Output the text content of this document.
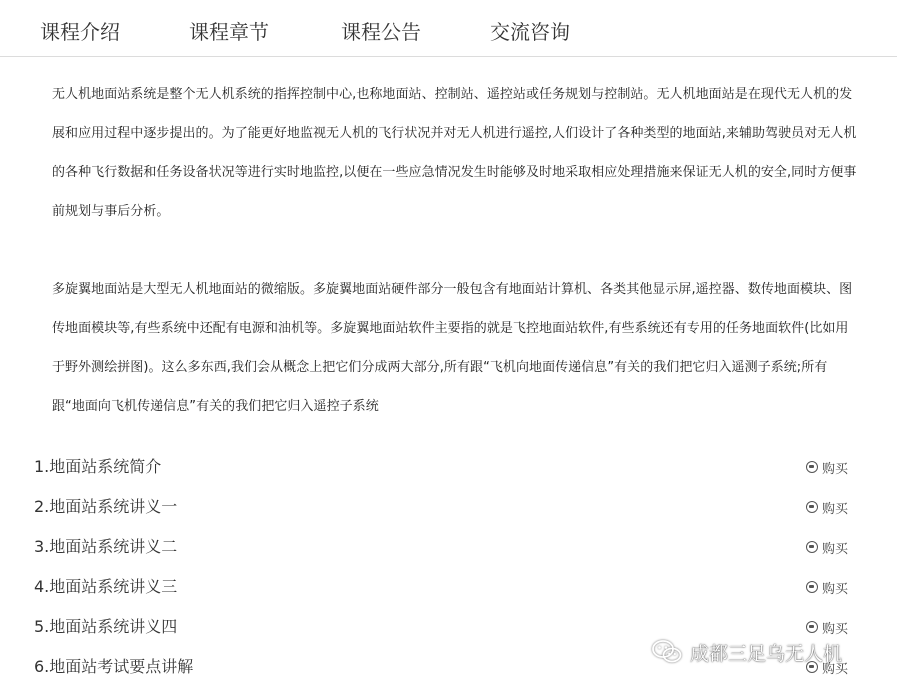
课程介绍	课程章节	课程公告	交流咨询

无人机地面站系统是整个无人机系统的指挥控制中心,也称地面站、控制站、遥控站或任务规划与控制站。无人机地面站是在现代无人机的发展和应用过程中逐步提出的。为了能更好地监视无人机的飞行状况并对无人机进行遥控,人们设计了各种类型的地面站,来辅助驾驶员对无人机的各种飞行数据和任务设备状况等进行实时地监控,以便在一些应急情况发生时能够及时地采取相应处理措施来保证无人机的安全,同时方便事前规划与事后分析。

多旋翼地面站是大型无人机地面站的微缩版。多旋翼地面站硬件部分一般包含有地面站计算机、各类其他显示屏,遥控器、数传地面模块、图传地面模块等,有些系统中还配有电源和油机等。多旋翼地面站软件主要指的就是飞控地面站软件,有些系统还有专用的任务地面软件(比如用于野外测绘拼图)。这么多东西,我们会从概念上把它们分成两大部分,所有跟“飞机向地面传递信息”有关的我们把它归入遥测子系统;所有跟“地面向飞机传递信息”有关的我们把它归入遥控子系统

1.地面站系统简介	购买
2.地面站系统讲义一	购买
3.地面站系统讲义二	购买
4.地面站系统讲义三	购买
5.地面站系统讲义四	购买
6.地面站考试要点讲解	购买
成都三足乌无人机
